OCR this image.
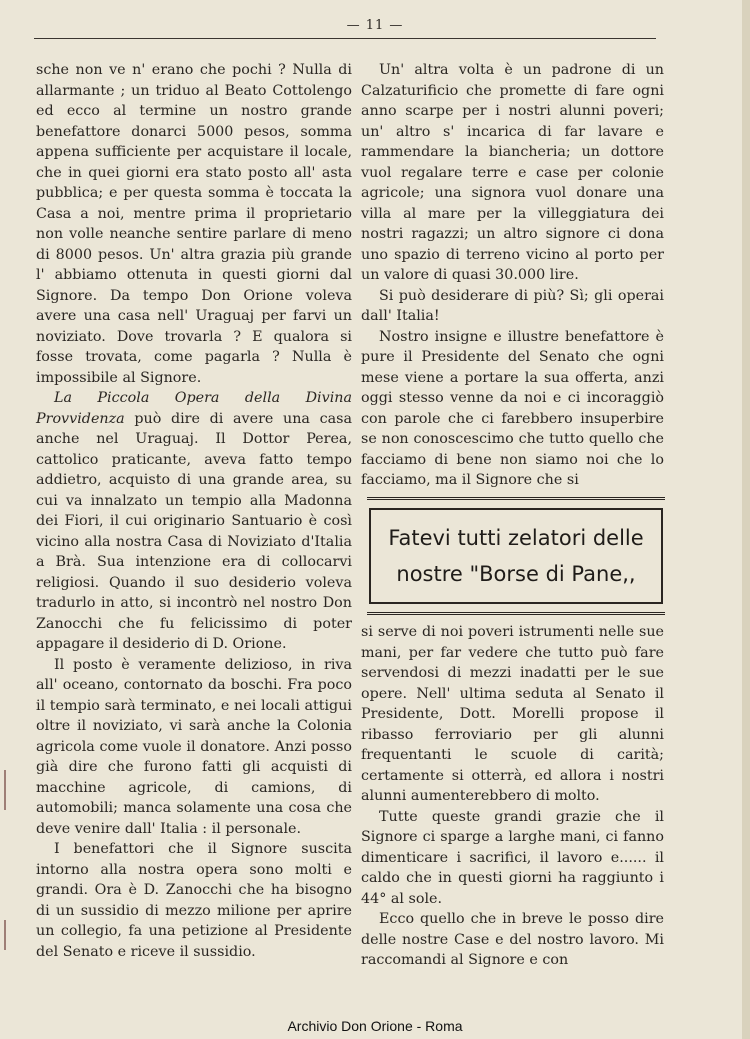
— 11 —

sche non ve n' erano che pochi ? Nulla di allarmante ; un triduo al Beato Cottolengo ed ecco al termine un nostro grande benefattore donarci 5000 pesos, somma appena sufficiente per acquistare il locale, che in quei giorni era stato posto all' asta pubblica; e per questa somma è toccata la Casa a noi, mentre prima il proprietario non volle neanche sentire parlare di meno di 8000 pesos. Un' altra grazia più grande l' abbiamo ottenuta in questi giorni dal Signore. Da tempo Don Orione voleva avere una casa nell' Uraguaj per farvi un noviziato. Dove trovarla ? E qualora si fosse trovata, come pagarla ? Nulla è impossibile al Signore.

La Piccola Opera della Divina Provvidenza può dire di avere una casa anche nel Uraguaj. Il Dottor Perea, cattolico praticante, aveva fatto tempo addietro, acquisto di una grande area, su cui va innalzato un tempio alla Madonna dei Fiori, il cui originario Santuario è così vicino alla nostra Casa di Noviziato d'Italia a Brà. Sua intenzione era di collocarvi religiosi. Quando il suo desiderio voleva tradurlo in atto, si incontrò nel nostro Don Zanocchi che fu felicissimo di poter appagare il desiderio di D. Orione.

Il posto è veramente delizioso, in riva all' oceano, contornato da boschi. Fra poco il tempio sarà terminato, e nei locali attigui oltre il noviziato, vi sarà anche la Colonia agricola come vuole il donatore. Anzi posso già dire che furono fatti gli acquisti di macchine agricole, di camions, di automobili; manca solamente una cosa che deve venire dall' Italia : il personale.

I benefattori che il Signore suscita intorno alla nostra opera sono molti e grandi. Ora è D. Zanocchi che ha bisogno di un sussidio di mezzo milione per aprire un collegio, fa una petizione al Presidente del Senato e riceve il sussidio.

Un' altra volta è un padrone di un Calzaturificio che promette di fare ogni anno scarpe per i nostri alunni poveri; un' altro s' incarica di far lavare e rammendare la biancheria; un dottore vuol regalare terre e case per colonie agricole; una signora vuol donare una villa al mare per la villeggiatura dei nostri ragazzi; un altro signore ci dona uno spazio di terreno vicino al porto per un valore di quasi 30.000 lire.

Si può desiderare di più? Sì; gli operai dall' Italia!

Nostro insigne e illustre benefattore è pure il Presidente del Senato che ogni mese viene a portare la sua offerta, anzi oggi stesso venne da noi e ci incoraggiò con parole che ci farebbero insuperbire se non conoscescimo che tutto quello che facciamo di bene non siamo noi che lo facciamo, ma il Signore che si

Fatevi tutti zelatori delle
nostre "Borse di Pane,,

si serve di noi poveri istrumenti nelle sue mani, per far vedere che tutto può fare servendosi di mezzi inadatti per le sue opere. Nell' ultima seduta al Senato il Presidente, Dott. Morelli propose il ribasso ferroviario per gli alunni frequentanti le scuole di carità; certamente si otterrà, ed allora i nostri alunni aumenterebbero di molto.

Tutte queste grandi grazie che il Signore ci sparge a larghe mani, ci fanno dimenticare i sacrifici, il lavoro e...... il caldo che in questi giorni ha raggiunto i 44° al sole.

Ecco quello che in breve le posso dire delle nostre Case e del nostro lavoro. Mi raccomandi al Signore e con

Archivio Don Orione - Roma
